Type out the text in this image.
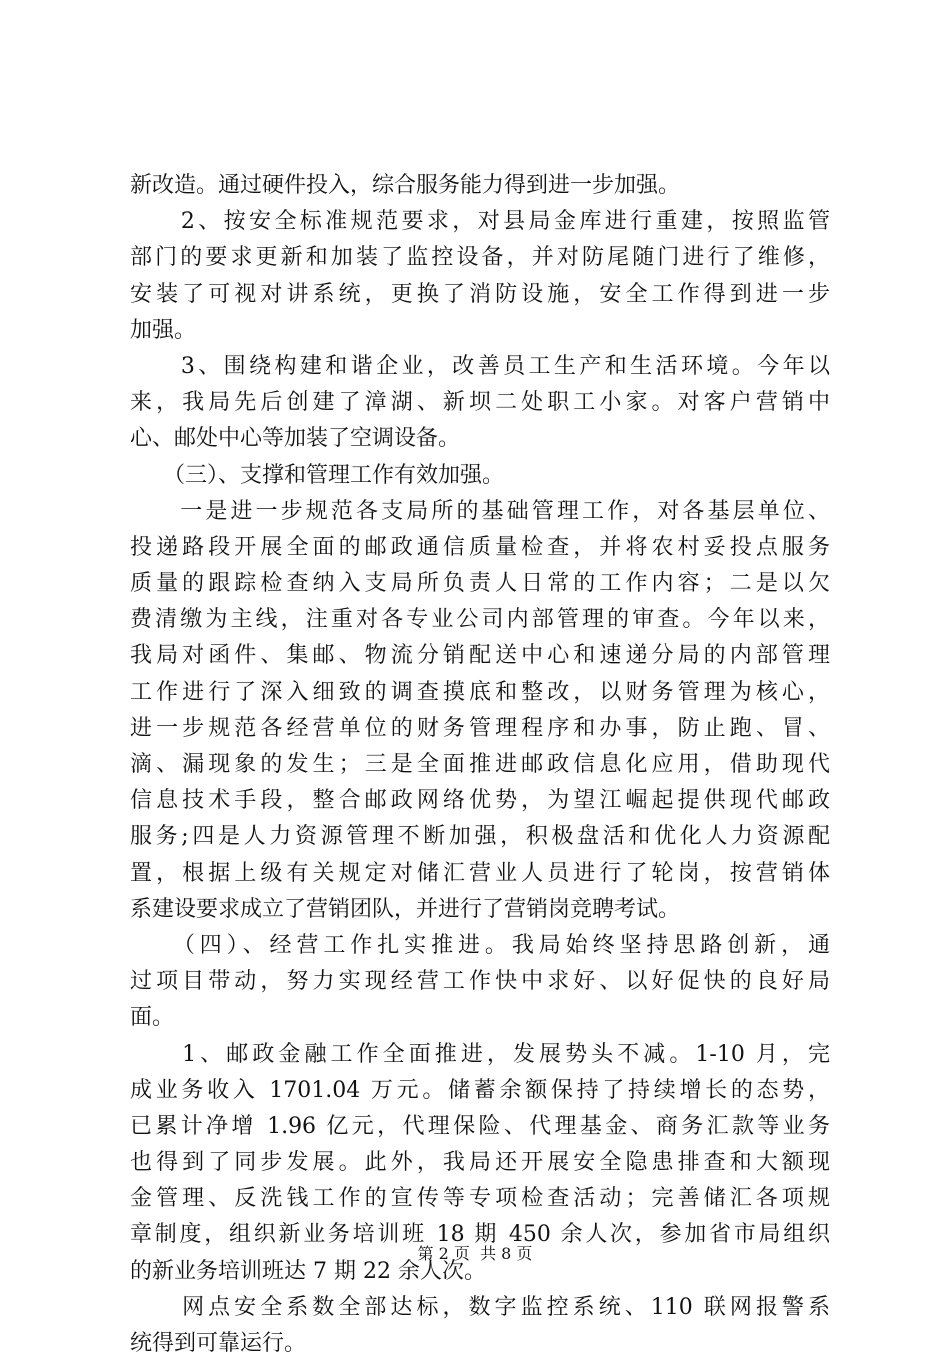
新改造。通过硬件投入，综合服务能力得到进一步加强。
　　2、按安全标准规范要求，对县局金库进行重建，按照监管
部门的要求更新和加装了监控设备，并对防尾随门进行了维修，
安装了可视对讲系统，更换了消防设施，安全工作得到进一步
加强。
　　3、围绕构建和谐企业，改善员工生产和生活环境。今年以
来，我局先后创建了漳湖、新坝二处职工小家。对客户营销中
心、邮处中心等加装了空调设备。
　　（三）、支撑和管理工作有效加强。
　　一是进一步规范各支局所的基础管理工作，对各基层单位、
投递路段开展全面的邮政通信质量检查，并将农村妥投点服务
质量的跟踪检查纳入支局所负责人日常的工作内容；二是以欠
费清缴为主线，注重对各专业公司内部管理的审查。今年以来，
我局对函件、集邮、物流分销配送中心和速递分局的内部管理
工作进行了深入细致的调查摸底和整改，以财务管理为核心，
进一步规范各经营单位的财务管理程序和办事，防止跑、冒、
滴、漏现象的发生；三是全面推进邮政信息化应用，借助现代
信息技术手段，整合邮政网络优势，为望江崛起提供现代邮政
服务;四是人力资源管理不断加强，积极盘活和优化人力资源配
置，根据上级有关规定对储汇营业人员进行了轮岗，按营销体
系建设要求成立了营销团队，并进行了营销岗竞聘考试。
　　（四）、经营工作扎实推进。我局始终坚持思路创新，通
过项目带动，努力实现经营工作快中求好、以好促快的良好局
面。
　　1、邮政金融工作全面推进，发展势头不减。1-10 月，完
成业务收入 1701.04 万元。储蓄余额保持了持续增长的态势，
已累计净增 1.96 亿元，代理保险、代理基金、商务汇款等业务
也得到了同步发展。此外，我局还开展安全隐患排查和大额现
金管理、反洗钱工作的宣传等专项检查活动；完善储汇各项规
章制度，组织新业务培训班 18 期 450 余人次，参加省市局组织
的新业务培训班达 7 期 22 余人次。
　　网点安全系数全部达标，数字监控系统、110 联网报警系
统得到可靠运行。
第 2 页  共 8 页
